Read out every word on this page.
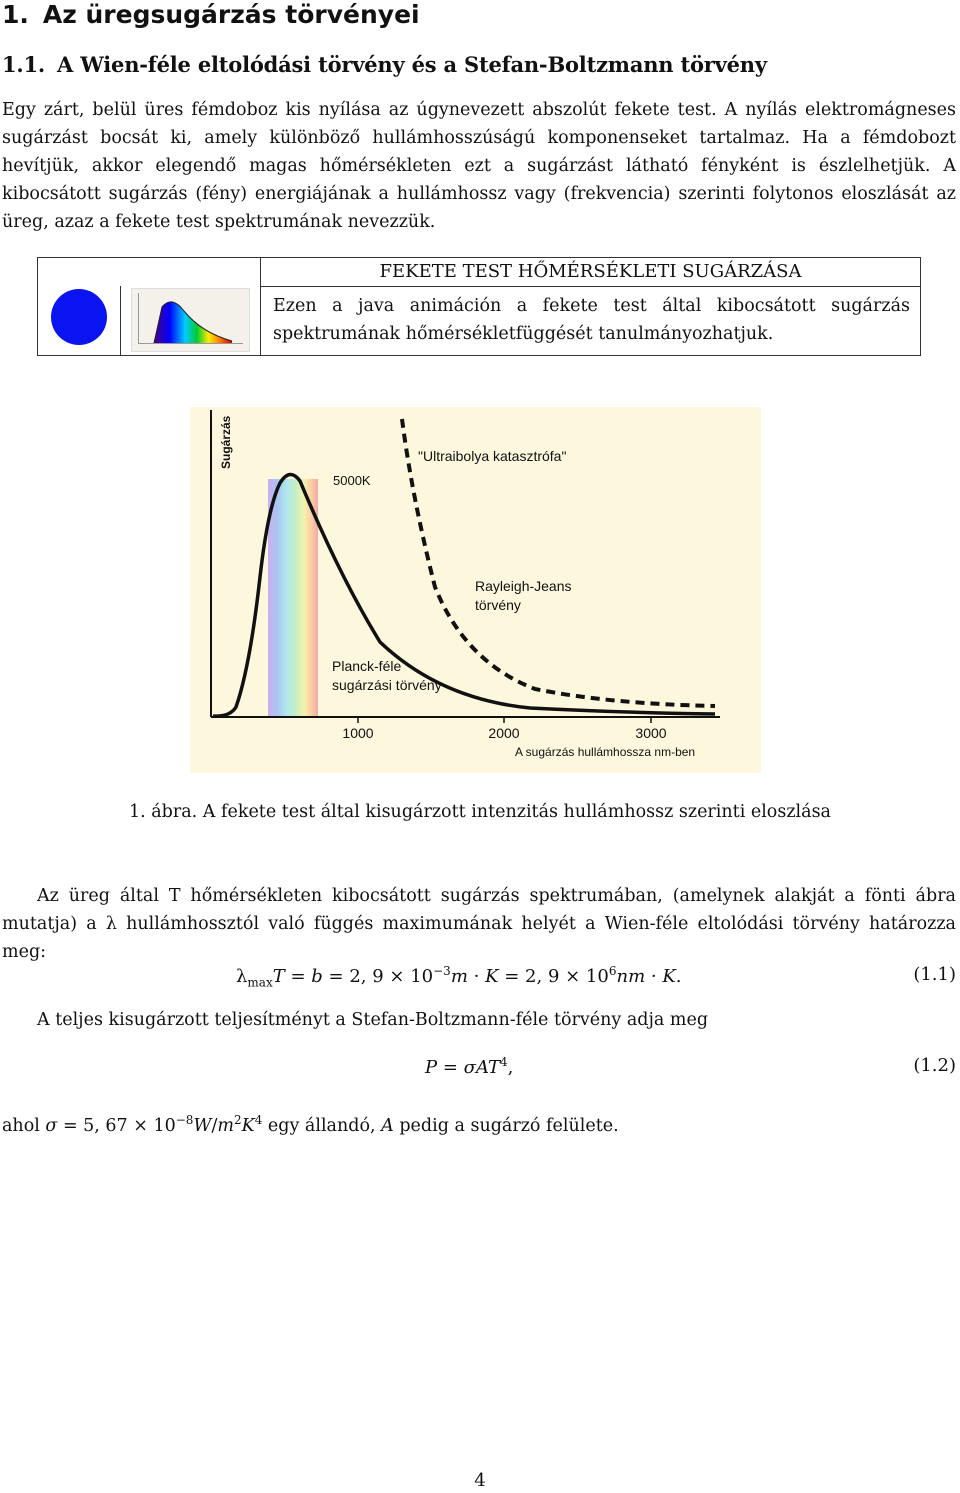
1. Az üregsugárzás törvényei
1.1. A Wien-féle eltolódási törvény és a Stefan-Boltzmann törvény
Egy zárt, belül üres fémdoboz kis nyílása az úgynevezett abszolút fekete test. A nyílás elektromágneses sugárzást bocsát ki, amely különböző hullámhosszúságú komponenseket tartalmaz. Ha a fémdobozt hevítjük, akkor elegendő magas hőmérsékleten ezt a sugárzást látható fényként is észlelhetjük. A kibocsátott sugárzás (fény) energiájának a hullámhossz vagy (frekvencia) szerinti folytonos eloszlását az üreg, azaz a fekete test spektrumának nevezzük.
FEKETE TEST HŐMÉRSÉKLETI SUGÁRZÁSA
Ezen a java animáción a fekete test által kibocsátott sugárzás spektrumának hőmérsékletfüggését tanulmányozhatjuk.
Sugárzás
5000K
"Ultraibolya katasztrófa"
Rayleigh-Jeans
törvény
Planck-féle
sugárzási törvény
1000	2000	3000
A sugárzás hullámhossza nm-ben
1. ábra. A fekete test által kisugárzott intenzitás hullámhossz szerinti eloszlása
Az üreg által T hőmérsékleten kibocsátott sugárzás spektrumában, (amelynek alakját a fönti ábra mutatja) a λ hullámhossztól való függés maximumának helyét a Wien-féle eltolódási törvény határozza meg:
$\lambda_{max}T = b = 2$, $9 \times 10^{-3}m \cdot K = 2$, $9 \times 10^6nm \cdot K$.	(1.1)
A teljes kisugárzott teljesítményt a Stefan-Boltzmann-féle törvény adja meg
P = σAT$^4$,	(1.2)
ahol σ = 5, $67 \times 10^{-8}W/m^2K^4$ egy állandó, A pedig a sugárzó felülete.
4
